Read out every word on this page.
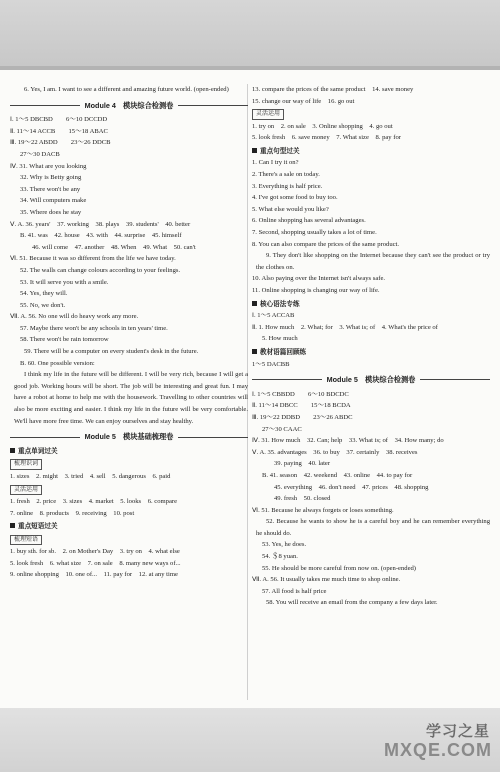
6. Yes, I am. I want to see a different and amazing future world. (open-ended)
Module 4　模块综合检测卷
Ⅰ. 1～5 DBCBD　　6～10 DCCDD
Ⅱ. 11～14 ACCB　　15～18 ABAC
Ⅲ. 19～22 ABDD　　23～26 DDCB
27～30 DACB
Ⅳ. 31. What are you looking
32. Why is Betty going
33. There won't be any
34. Will computers make
35. Where does he stay
Ⅴ. A. 36. years'　37. working　38. plays　39. students'　40. better
B. 41. was　42. house　43. with　44. surprise　45. himself
46. will come　47. another　48. When　49. What　50. can't
Ⅵ. 51. Because it was so different from the life we have today.
52. The walls can change colours according to your feelings.
53. It will serve you with a smile.
54. Yes, they will.
55. No, we don't.
Ⅶ. A. 56. No one will do heavy work any more.
57. Maybe there won't be any schools in ten years' time.
58. There won't be rain tomorrow
59. There will be a computer on every student's desk in the future.
B. 60. One possible version:
I think my life in the future will be different. I will be very rich, because I will get a good job. Working hours will be short. The job will be interesting and great fun. I may have a robot at home to help me with the housework. Travelling to other countries will also be more exciting and easier. I think my life in the future will be very comfortable. We'll have more free time. We can enjoy ourselves and stay healthy.
Module 5　模块基础梳理卷
重点单词过关
梳理识词
1. sizes　2. might　3. tried　4. sell　5. dangerous　6. paid
灵活运用
1. fresh　2. price　3. sizes　4. market　5. looks　6. compare
7. online　8. products　9. receiving　10. post
重点短语过关
梳理短语
1. buy sth. for sb.　2. on Mother's Day　3. try on　4. what else
5. look fresh　6. what size　7. on sale　8. many new ways of...
9. online shopping　10. one of...　11. pay for　12. at any time
13. compare the prices of the same product　14. save money
15. change our way of life　16. go out
灵活运用
1. try on　2. on sale　3. Online shopping　4. go out
5. look fresh　6. save money　7. What size　8. pay for
重点句型过关
1. Can I try it on?
2. There's a sale on today.
3. Everything is half price.
4. I've got some food to buy too.
5. What else would you like?
6. Online shopping has several advantages.
7. Second, shopping usually takes a lot of time.
8. You can also compare the prices of the same product.
9. They don't like shopping on the Internet because they can't see the product or try the clothes on.
10. Also paying over the Internet isn't always safe.
11. Online shopping is changing our way of life.
核心语法专练
Ⅰ. 1～5 ACCAB
Ⅱ. 1. How much　2. What; for　3. What is; of　4. What's the price of
5. How much
教材语篇回顾练
1～5 DACBB
Module 5　模块综合检测卷
Ⅰ. 1～5 CBBDD　　6～10 BDCDC
Ⅱ. 11～14 DBCC　　15～18 BCDA
Ⅲ. 19～22 DDBD　　23～26 ABDC
27～30 CAAC
Ⅳ. 31. How much　32. Can; help　33. What is; of　34. How many; do
Ⅴ. A. 35. advantages　36. to buy　37. certainly　38. receives
39. paying　40. later
B. 41. season　42. weekend　43. online　44. to pay for
45. everything　46. don't need　47. prices　48. shopping
49. fresh　50. closed
Ⅵ. 51. Because he always forgets or loses something.
52. Because he wants to show he is a careful boy and he can remember everything he should do.
53. Yes, he does.
54. ＄8 yuan.
55. He should be more careful from now on. (open-ended)
Ⅶ. A. 56. It usually takes me much time to shop online.
57. All food is half price
58. You will receive an email from the company a few days later.
学习之星
MXQE.COM
